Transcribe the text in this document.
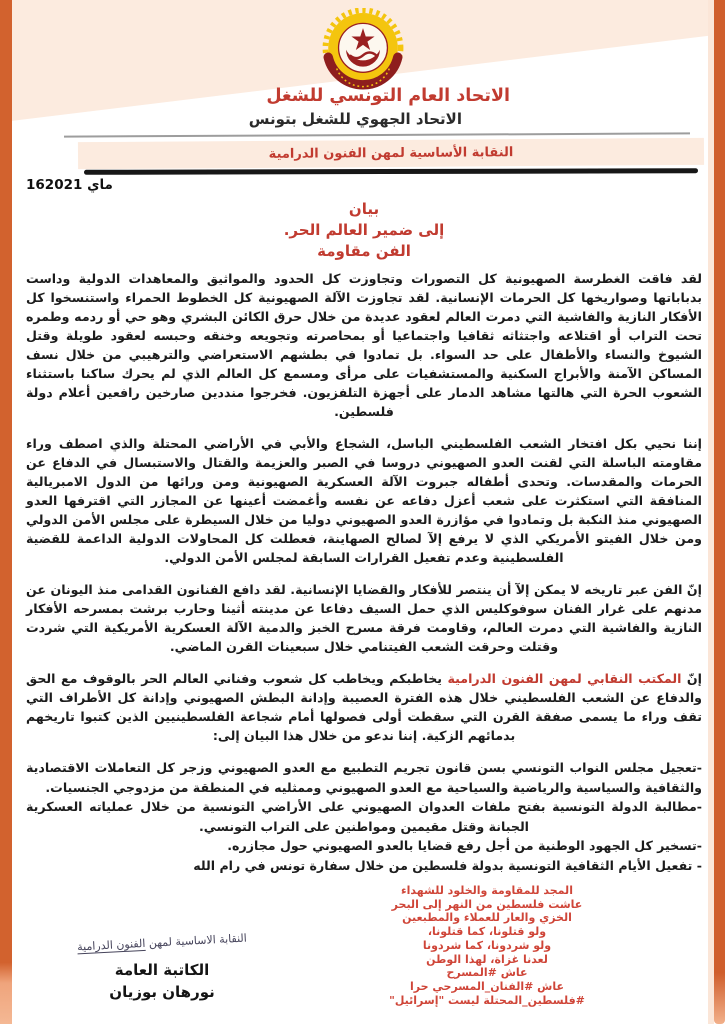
الاتحاد العام التونسي للشغل
الاتحاد الجهوي للشغل بتونس
النقابة الأساسية لمهن الفنون الدرامية
16ماي 2021
بيان
إلى ضمير العالم الحر.
الفن مقاومة

لقد فاقت الغطرسة الصهيونية كل التصورات وتجاوزت كل الحدود والمواثيق والمعاهدات الدولية وداست بدباباتها وصواريخها كل الحرمات الإنسانية. لقد تجاوزت الآلة الصهيونية كل الخطوط الحمراء واستنسخوا كل الأفكار النازية والفاشية التي دمرت العالم لعقود عديدة من خلال حرق الكائن البشري وهو حي أو ردمه وطمره تحت التراب أو اقتلاعه واجتثاثه ثقافيا واجتماعيا أو بمحاصرته وتجويعه وخنقه وحبسه لعقود طويلة وقتل الشيوخ والنساء والأطفال على حد السواء. بل تمادوا في بطشهم الاستعراضي والترهيبي من خلال نسف المساكن الآمنة والأبراج السكنية والمستشفيات على مرأى ومسمع كل العالم الذي لم يحرك ساكنا باستثناء الشعوب الحرة التي هالتها مشاهد الدمار على أجهزة التلفزيون. فخرجوا منددين صارخين رافعين أعلام دولة فلسطين.

إننا نحيي بكل افتخار الشعب الفلسطيني الباسل، الشجاع والأبي في الأراضي المحتلة والذي اصطف وراء مقاومته الباسلة التي لقنت العدو الصهيوني دروسا في الصبر والعزيمة والقتال والاستبسال في الدفاع عن الحرمات والمقدسات. وتحدى أطفاله جبروت الآلة العسكرية الصهيونية ومن ورائها من الدول الامبريالية المنافقة التي استكثرت على شعب أعزل دفاعه عن نفسه وأغمضت أعينها عن المجازر التي اقترفها العدو الصهيوني منذ النكبة بل وتمادوا في مؤازرة العدو الصهيوني دوليا من خلال السيطرة على مجلس الأمن الدولي ومن خلال الفيتو الأمريكي الذي لا يرفع إلآ لصالح الصهاينة، فعطلت كل المحاولات الدولية الداعمة للقضية الفلسطينية وعدم تفعيل القرارات السابقة لمجلس الأمن الدولي.

إنّ الفن عبر تاريخه لا يمكن إلآ أن ينتصر للأفكار والقضايا الإنسانية. لقد دافع الفنانون القدامى منذ اليونان عن مدنهم على غرار الفنان سوفوكليس الذي حمل السيف دفاعا عن مدينته أثينا وحارب برشت بمسرحه الأفكار النازية والفاشية التي دمرت العالم، وقاومت فرقة مسرح الخبز والدمية الآلة العسكرية الأمريكية التي شردت وقتلت وحرقت الشعب الفيتنامي خلال سبعينات القرن الماضي.

إنّ المكتب النقابي لمهن الفنون الدرامية يخاطبكم ويخاطب كل شعوب وفناني العالم الحر بالوقوف مع الحق والدفاع عن الشعب الفلسطيني خلال هذه الفترة العصيبة وإدانة البطش الصهيوني وإدانة كل الأطراف التي تقف وراء ما يسمى صفقة القرن التي سقطت أولى فصولها أمام شجاعة الفلسطينيين الذين كتبوا تاريخهم بدمائهم الزكية. إننا ندعو من خلال هذا البيان إلى:

-تعجيل مجلس النواب التونسي بسن قانون تجريم التطبيع مع العدو الصهيوني وزجر كل التعاملات الاقتصادية والثقافية والسياسية والرياضية والسياحية مع العدو الصهيوني وممثليه في المنطقة من مزدوجي الجنسيات.

-مطالبة الدولة التونسية بفتح ملفات العدوان الصهيوني على الأراضي التونسية من خلال عملياته العسكرية الجبانة وقتل مقيمين ومواطنين على التراب التونسي.

-تسخير كل الجهود الوطنية من أجل رفع قضايا بالعدو الصهيوني حول مجازره.

- تفعيل الأيام الثقافية التونسية بدولة فلسطين من خلال سفارة تونس في رام الله

المجد للمقاومة والخلود للشهداء
عاشت فلسطين من النهر إلى البحر
الخزي والعار للعملاء والمطبعين
ولو قتلونا، كما قتلونا،
ولو شردونا، كما شردونا
لعدنا غزاة، لهذا الوطن
عاش #المسرح
عاش #الفنان_المسرحي حرا
#فلسطين_المحتلة ليست "إسرائيل"
النقابة الاساسية لمهن الفنون الدرامية
الكاتبة العامة
نورهان بوزيان
